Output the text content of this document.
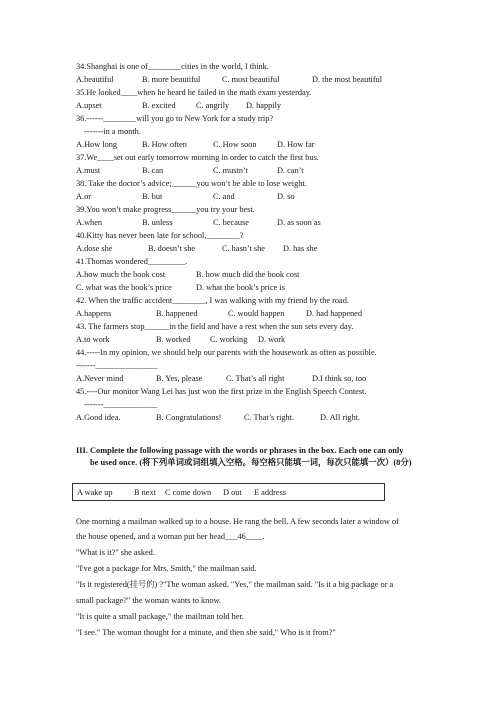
34.Shanghai is one of________cities in the world, I think.
A.beautiful	B. more beautiful	C. most beautiful	D. the most beautiful
35.He looked____when he heard he failed in the math exam yesterday.
A.upset	B. excited C. angrily D. happily
36.------________will you go to New York for a study trip?
-------in a month.
A.How long	B. How often	C. How soon D. How far
37.We____set out early tomorrow morning in order to catch the first bus.
A.must	B. can	C. mustn’t	D. can’t
38. Take the doctor’s advice;______you won’t be able to lose weight.
A.or	B. but	C. and	D. so
39.You won’t make progress______you try your best.
A.when	B. unless	C. because	D. as soon as
40.Kitty has never been late for school,________?
A.dose she	B. doesn’t she	C. hasn’t she D. has she
41.Thomas wondered_________.
A.how much the book cost	B. how much did the book cost
C. what was the book’s price	D. what the book’s price is
42. When the traffic accident________, I was walking with my friend by the road.
A.happens	B. happened	C. would happen	D. had happened
43. The farmers stop______in the field and have a rest when the sun sets every day.
A.to work	B. worked C. working D. work
44.-----In my opinion, we should help our parents with the housework as often as possible.
-------_______________
A.Never mind	B. Yes, please	C. That’s all right	D.I think so, too
45.----Our monitor Wang Lei has just won the first prize in the English Speech Contest.
-------_____________
A.Good idea.	B. Congratulations!	C. That’s right.	D. All right.
III. Complete the following passage with the words or phrases in the box. Each one can only
be used once. (将下列单词或词组填入空格。每空格只能填一词，每次只能填一次）(8分)
A wake up	B next C come down D out E address
One morning a mailman walked up to a house. He rang the bell. A few seconds later a window of
the house opened, and a woman put her head___46____.
"What is it?" she asked.
"I've got a package for Mrs. Smith," the mailman said.
"Is it registered(挂号的) ?"The woman asked. "Yes," the mailman said. "Is it a big package or a
small package?" the woman wants to know.
"It is quite a small package," the mailman told her.
"I see." The woman thought for a minute, and then she said," Who is it from?"
